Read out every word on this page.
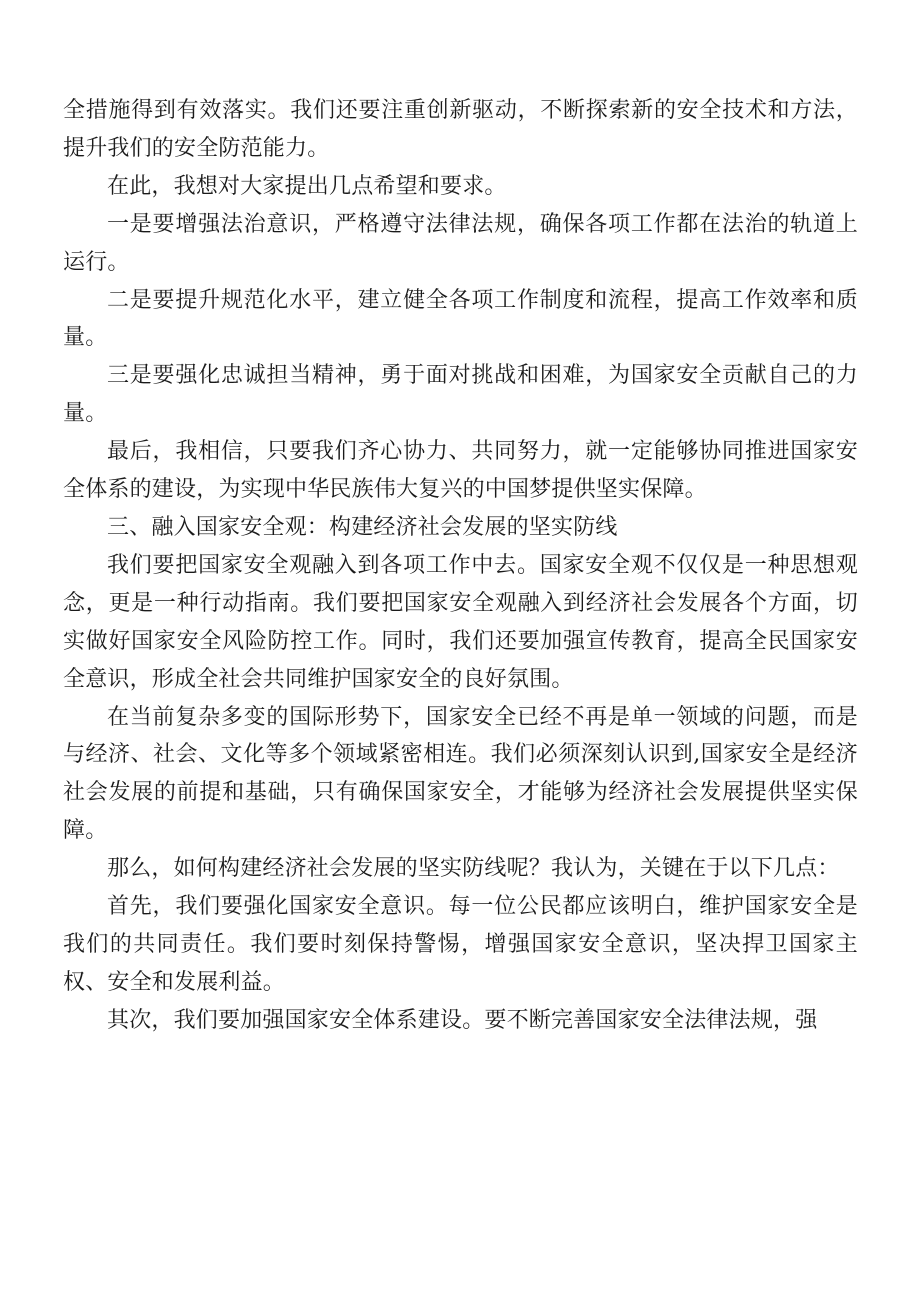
全措施得到有效落实。我们还要注重创新驱动，不断探索新的安全技术和方法，提升我们的安全防范能力。

在此，我想对大家提出几点希望和要求。

一是要增强法治意识，严格遵守法律法规，确保各项工作都在法治的轨道上运行。

二是要提升规范化水平，建立健全各项工作制度和流程，提高工作效率和质量。

三是要强化忠诚担当精神，勇于面对挑战和困难，为国家安全贡献自己的力量。

最后，我相信，只要我们齐心协力、共同努力，就一定能够协同推进国家安全体系的建设，为实现中华民族伟大复兴的中国梦提供坚实保障。

三、融入国家安全观：构建经济社会发展的坚实防线

我们要把国家安全观融入到各项工作中去。国家安全观不仅仅是一种思想观念，更是一种行动指南。我们要把国家安全观融入到经济社会发展各个方面，切实做好国家安全风险防控工作。同时，我们还要加强宣传教育，提高全民国家安全意识，形成全社会共同维护国家安全的良好氛围。

在当前复杂多变的国际形势下，国家安全已经不再是单一领域的问题，而是与经济、社会、文化等多个领域紧密相连。我们必须深刻认识到,国家安全是经济社会发展的前提和基础，只有确保国家安全，才能够为经济社会发展提供坚实保障。

那么，如何构建经济社会发展的坚实防线呢？我认为，关键在于以下几点：

首先，我们要强化国家安全意识。每一位公民都应该明白，维护国家安全是我们的共同责任。我们要时刻保持警惕，增强国家安全意识，坚决捍卫国家主权、安全和发展利益。

其次，我们要加强国家安全体系建设。要不断完善国家安全法律法规，强
